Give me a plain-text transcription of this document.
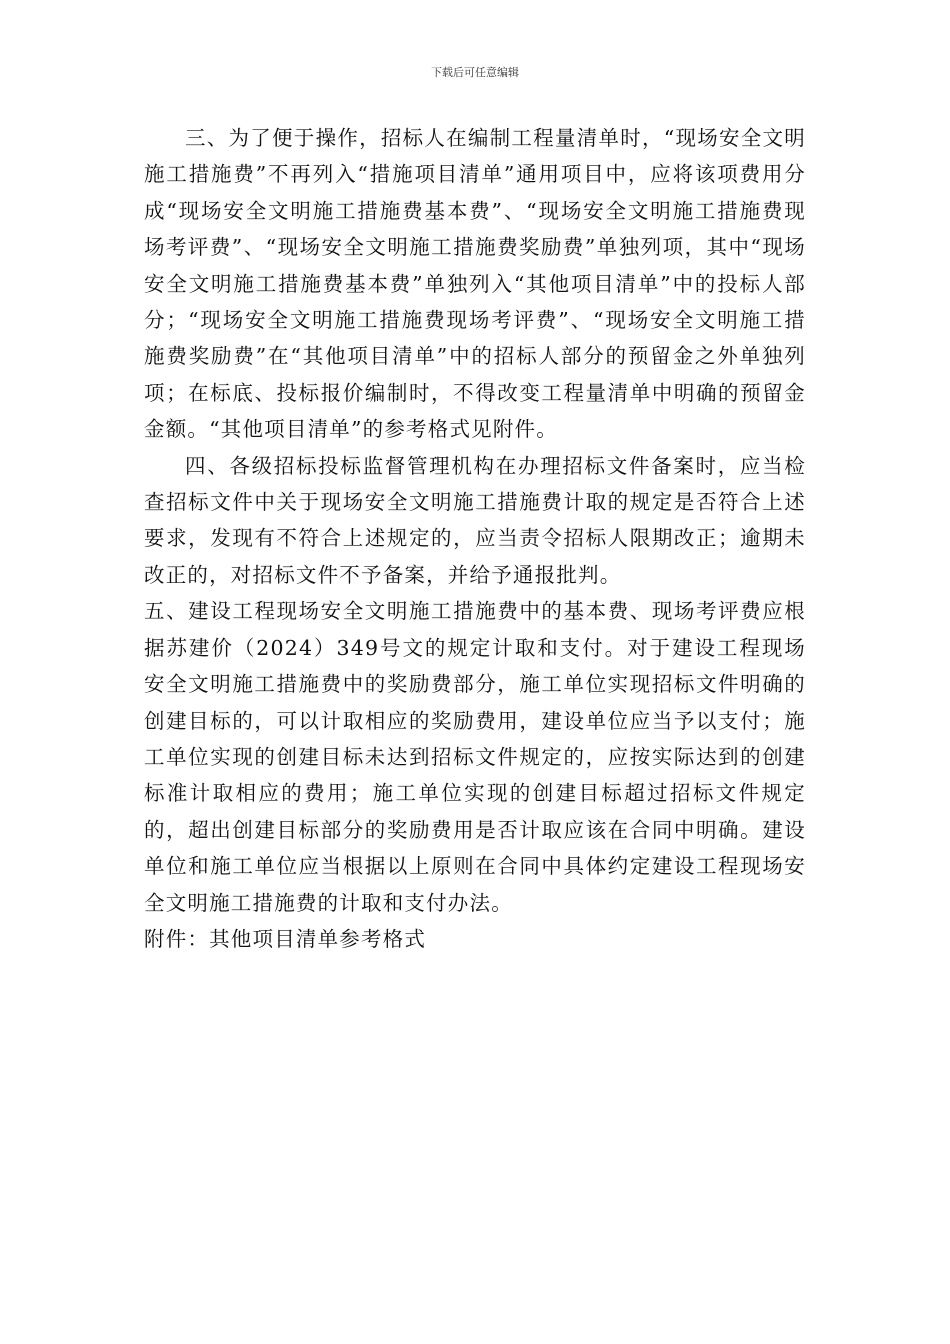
下载后可任意编辑

三、为了便于操作，招标人在编制工程量清单时，“现场安全文明施工措施费”不再列入“措施项目清单”通用项目中，应将该项费用分成“现场安全文明施工措施费基本费”、“现场安全文明施工措施费现场考评费”、“现场安全文明施工措施费奖励费”单独列项，其中“现场安全文明施工措施费基本费”单独列入“其他项目清单”中的投标人部分；“现场安全文明施工措施费现场考评费”、“现场安全文明施工措施费奖励费”在“其他项目清单”中的招标人部分的预留金之外单独列项；在标底、投标报价编制时，不得改变工程量清单中明确的预留金金额。“其他项目清单”的参考格式见附件。

四、各级招标投标监督管理机构在办理招标文件备案时，应当检查招标文件中关于现场安全文明施工措施费计取的规定是否符合上述要求，发现有不符合上述规定的，应当责令招标人限期改正；逾期未改正的，对招标文件不予备案，并给予通报批判。

五、建设工程现场安全文明施工措施费中的基本费、现场考评费应根据苏建价（2024）349号文的规定计取和支付。对于建设工程现场安全文明施工措施费中的奖励费部分，施工单位实现招标文件明确的创建目标的，可以计取相应的奖励费用，建设单位应当予以支付；施工单位实现的创建目标未达到招标文件规定的，应按实际达到的创建标准计取相应的费用；施工单位实现的创建目标超过招标文件规定的，超出创建目标部分的奖励费用是否计取应该在合同中明确。建设单位和施工单位应当根据以上原则在合同中具体约定建设工程现场安全文明施工措施费的计取和支付办法。

附件：其他项目清单参考格式
